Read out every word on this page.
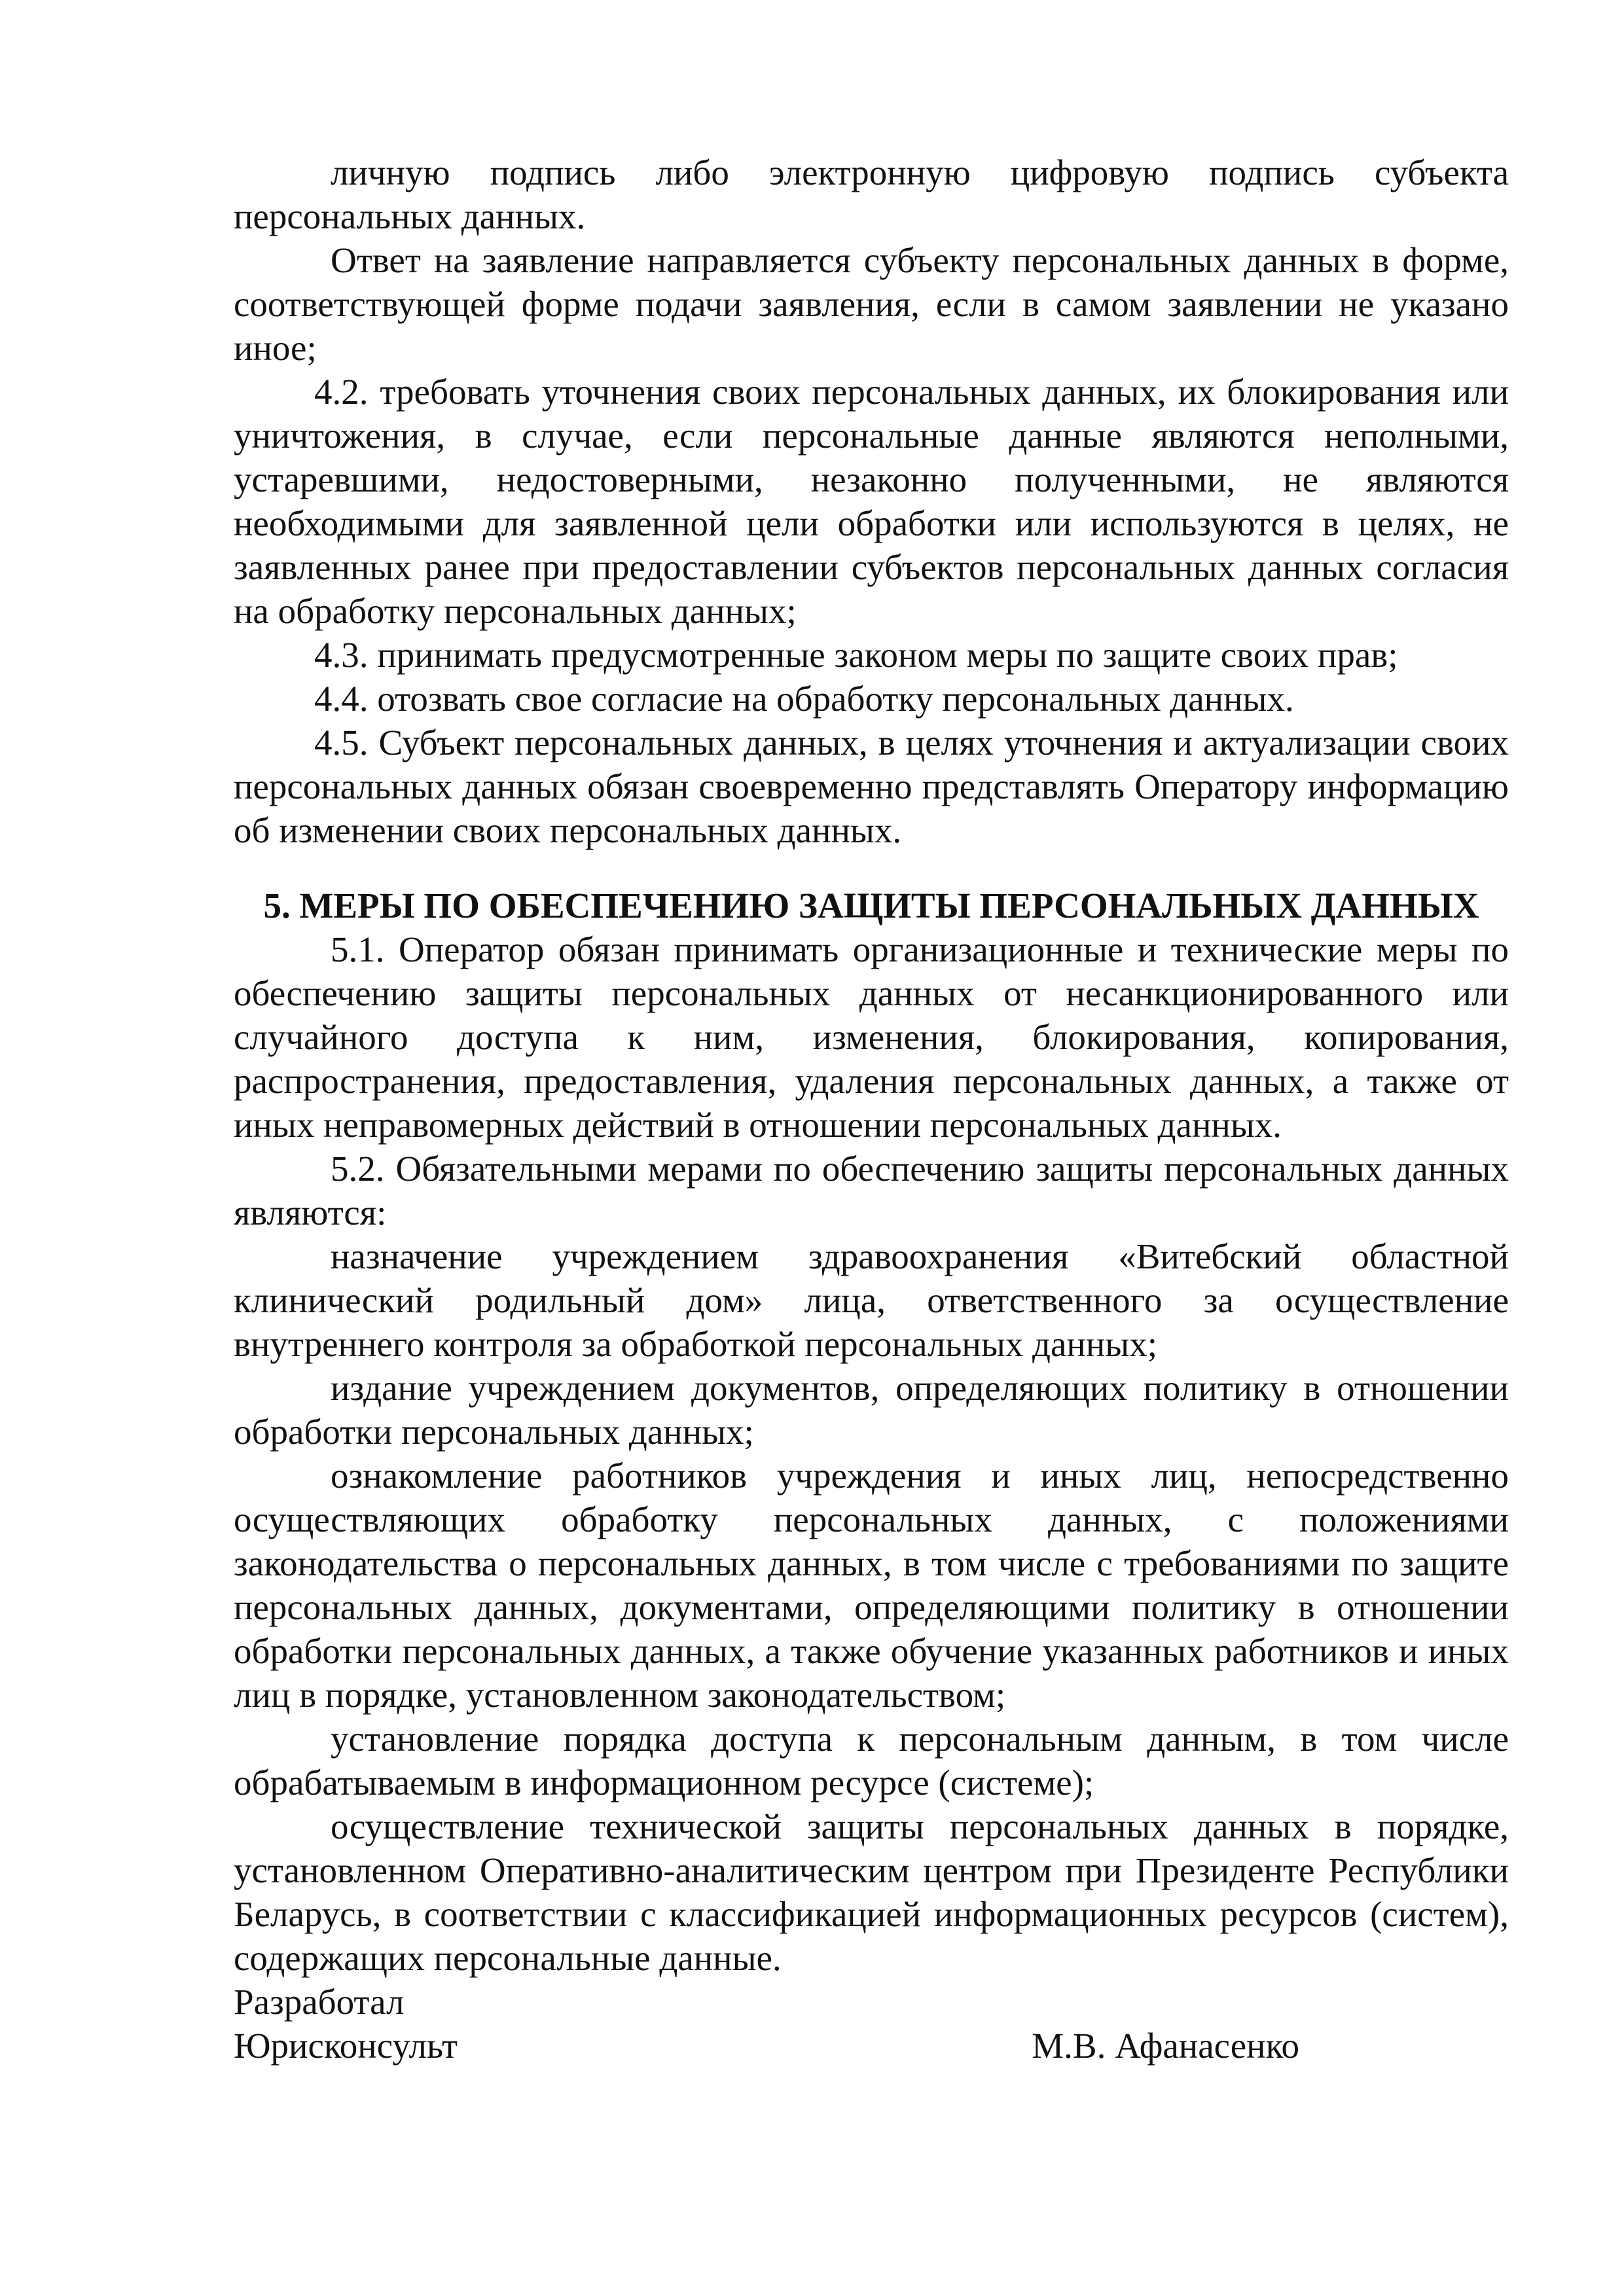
личную подпись либо электронную цифровую подпись субъекта персональных данных.

Ответ на заявление направляется субъекту персональных данных в форме, соответствующей форме подачи заявления, если в самом заявлении не указано иное;

4.2. требовать уточнения своих персональных данных, их блокирования или уничтожения, в случае, если персональные данные являются неполными, устаревшими, недостоверными, незаконно полученными, не являются необходимыми для заявленной цели обработки или используются в целях, не заявленных ранее при предоставлении субъектов персональных данных согласия на обработку персональных данных;

4.3. принимать предусмотренные законом меры по защите своих прав;

4.4. отозвать свое согласие на обработку персональных данных.

4.5. Субъект персональных данных, в целях уточнения и актуализации своих персональных данных обязан своевременно представлять Оператору информацию об изменении своих персональных данных.

5. МЕРЫ ПО ОБЕСПЕЧЕНИЮ ЗАЩИТЫ ПЕРСОНАЛЬНЫХ ДАННЫХ

5.1. Оператор обязан принимать организационные и технические меры по обеспечению защиты персональных данных от несанкционированного или случайного доступа к ним, изменения, блокирования, копирования, распространения, предоставления, удаления персональных данных, а также от иных неправомерных действий в отношении персональных данных.

5.2. Обязательными мерами по обеспечению защиты персональных данных являются:

назначение учреждением здравоохранения «Витебский областной клинический родильный дом» лица, ответственного за осуществление внутреннего контроля за обработкой персональных данных;

издание учреждением документов, определяющих политику в отношении обработки персональных данных;

ознакомление работников учреждения и иных лиц, непосредственно осуществляющих обработку персональных данных, с положениями законодательства о персональных данных, в том числе с требованиями по защите персональных данных, документами, определяющими политику в отношении обработки персональных данных, а также обучение указанных работников и иных лиц в порядке, установленном законодательством;

установление порядка доступа к персональным данным, в том числе обрабатываемым в информационном ресурсе (системе);

осуществление технической защиты персональных данных в порядке, установленном Оперативно-аналитическим центром при Президенте Республики Беларусь, в соответствии с классификацией информационных ресурсов (систем), содержащих персональные данные.

Разработал
Юрисконсульт	М.В. Афанасенко
